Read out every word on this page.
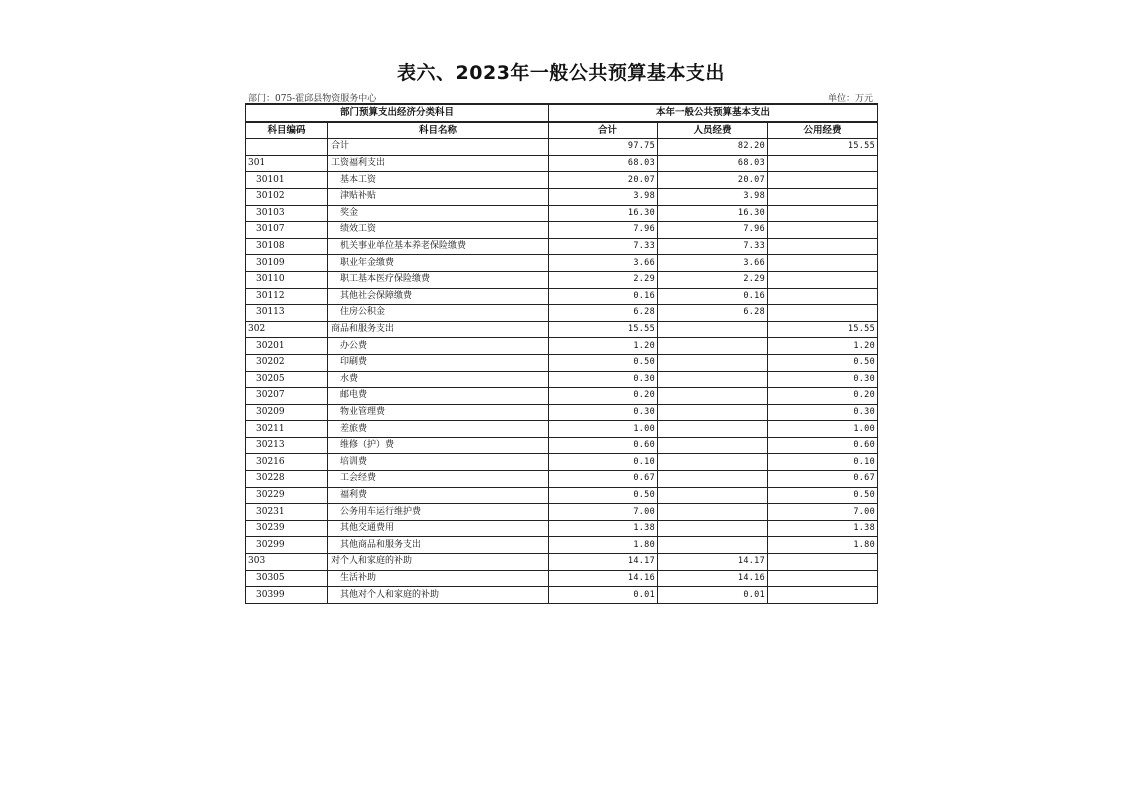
表六、2023年一般公共预算基本支出
部门：075-霍邱县物资服务中心	单位：万元
部门预算支出经济分类科目		本年一般公共预算基本支出		
科目编码	科目名称	合计	人员经费	公用经费
	合计	97.75	82.20	15.55
301	工资福利支出	68.03	68.03	
30101	基本工资	20.07	20.07	
30102	津贴补贴	3.98	3.98	
30103	奖金	16.30	16.30	
30107	绩效工资	7.96	7.96	
30108	机关事业单位基本养老保险缴费	7.33	7.33	
30109	职业年金缴费	3.66	3.66	
30110	职工基本医疗保险缴费	2.29	2.29	
30112	其他社会保障缴费	0.16	0.16	
30113	住房公积金	6.28	6.28	
302	商品和服务支出	15.55		15.55
30201	办公费	1.20		1.20
30202	印刷费	0.50		0.50
30205	水费	0.30		0.30
30207	邮电费	0.20		0.20
30209	物业管理费	0.30		0.30
30211	差旅费	1.00		1.00
30213	维修（护）费	0.60		0.60
30216	培训费	0.10		0.10
30228	工会经费	0.67		0.67
30229	福利费	0.50		0.50
30231	公务用车运行维护费	7.00		7.00
30239	其他交通费用	1.38		1.38
30299	其他商品和服务支出	1.80		1.80
303	对个人和家庭的补助	14.17	14.17	
30305	生活补助	14.16	14.16	
30399	其他对个人和家庭的补助	0.01	0.01	
